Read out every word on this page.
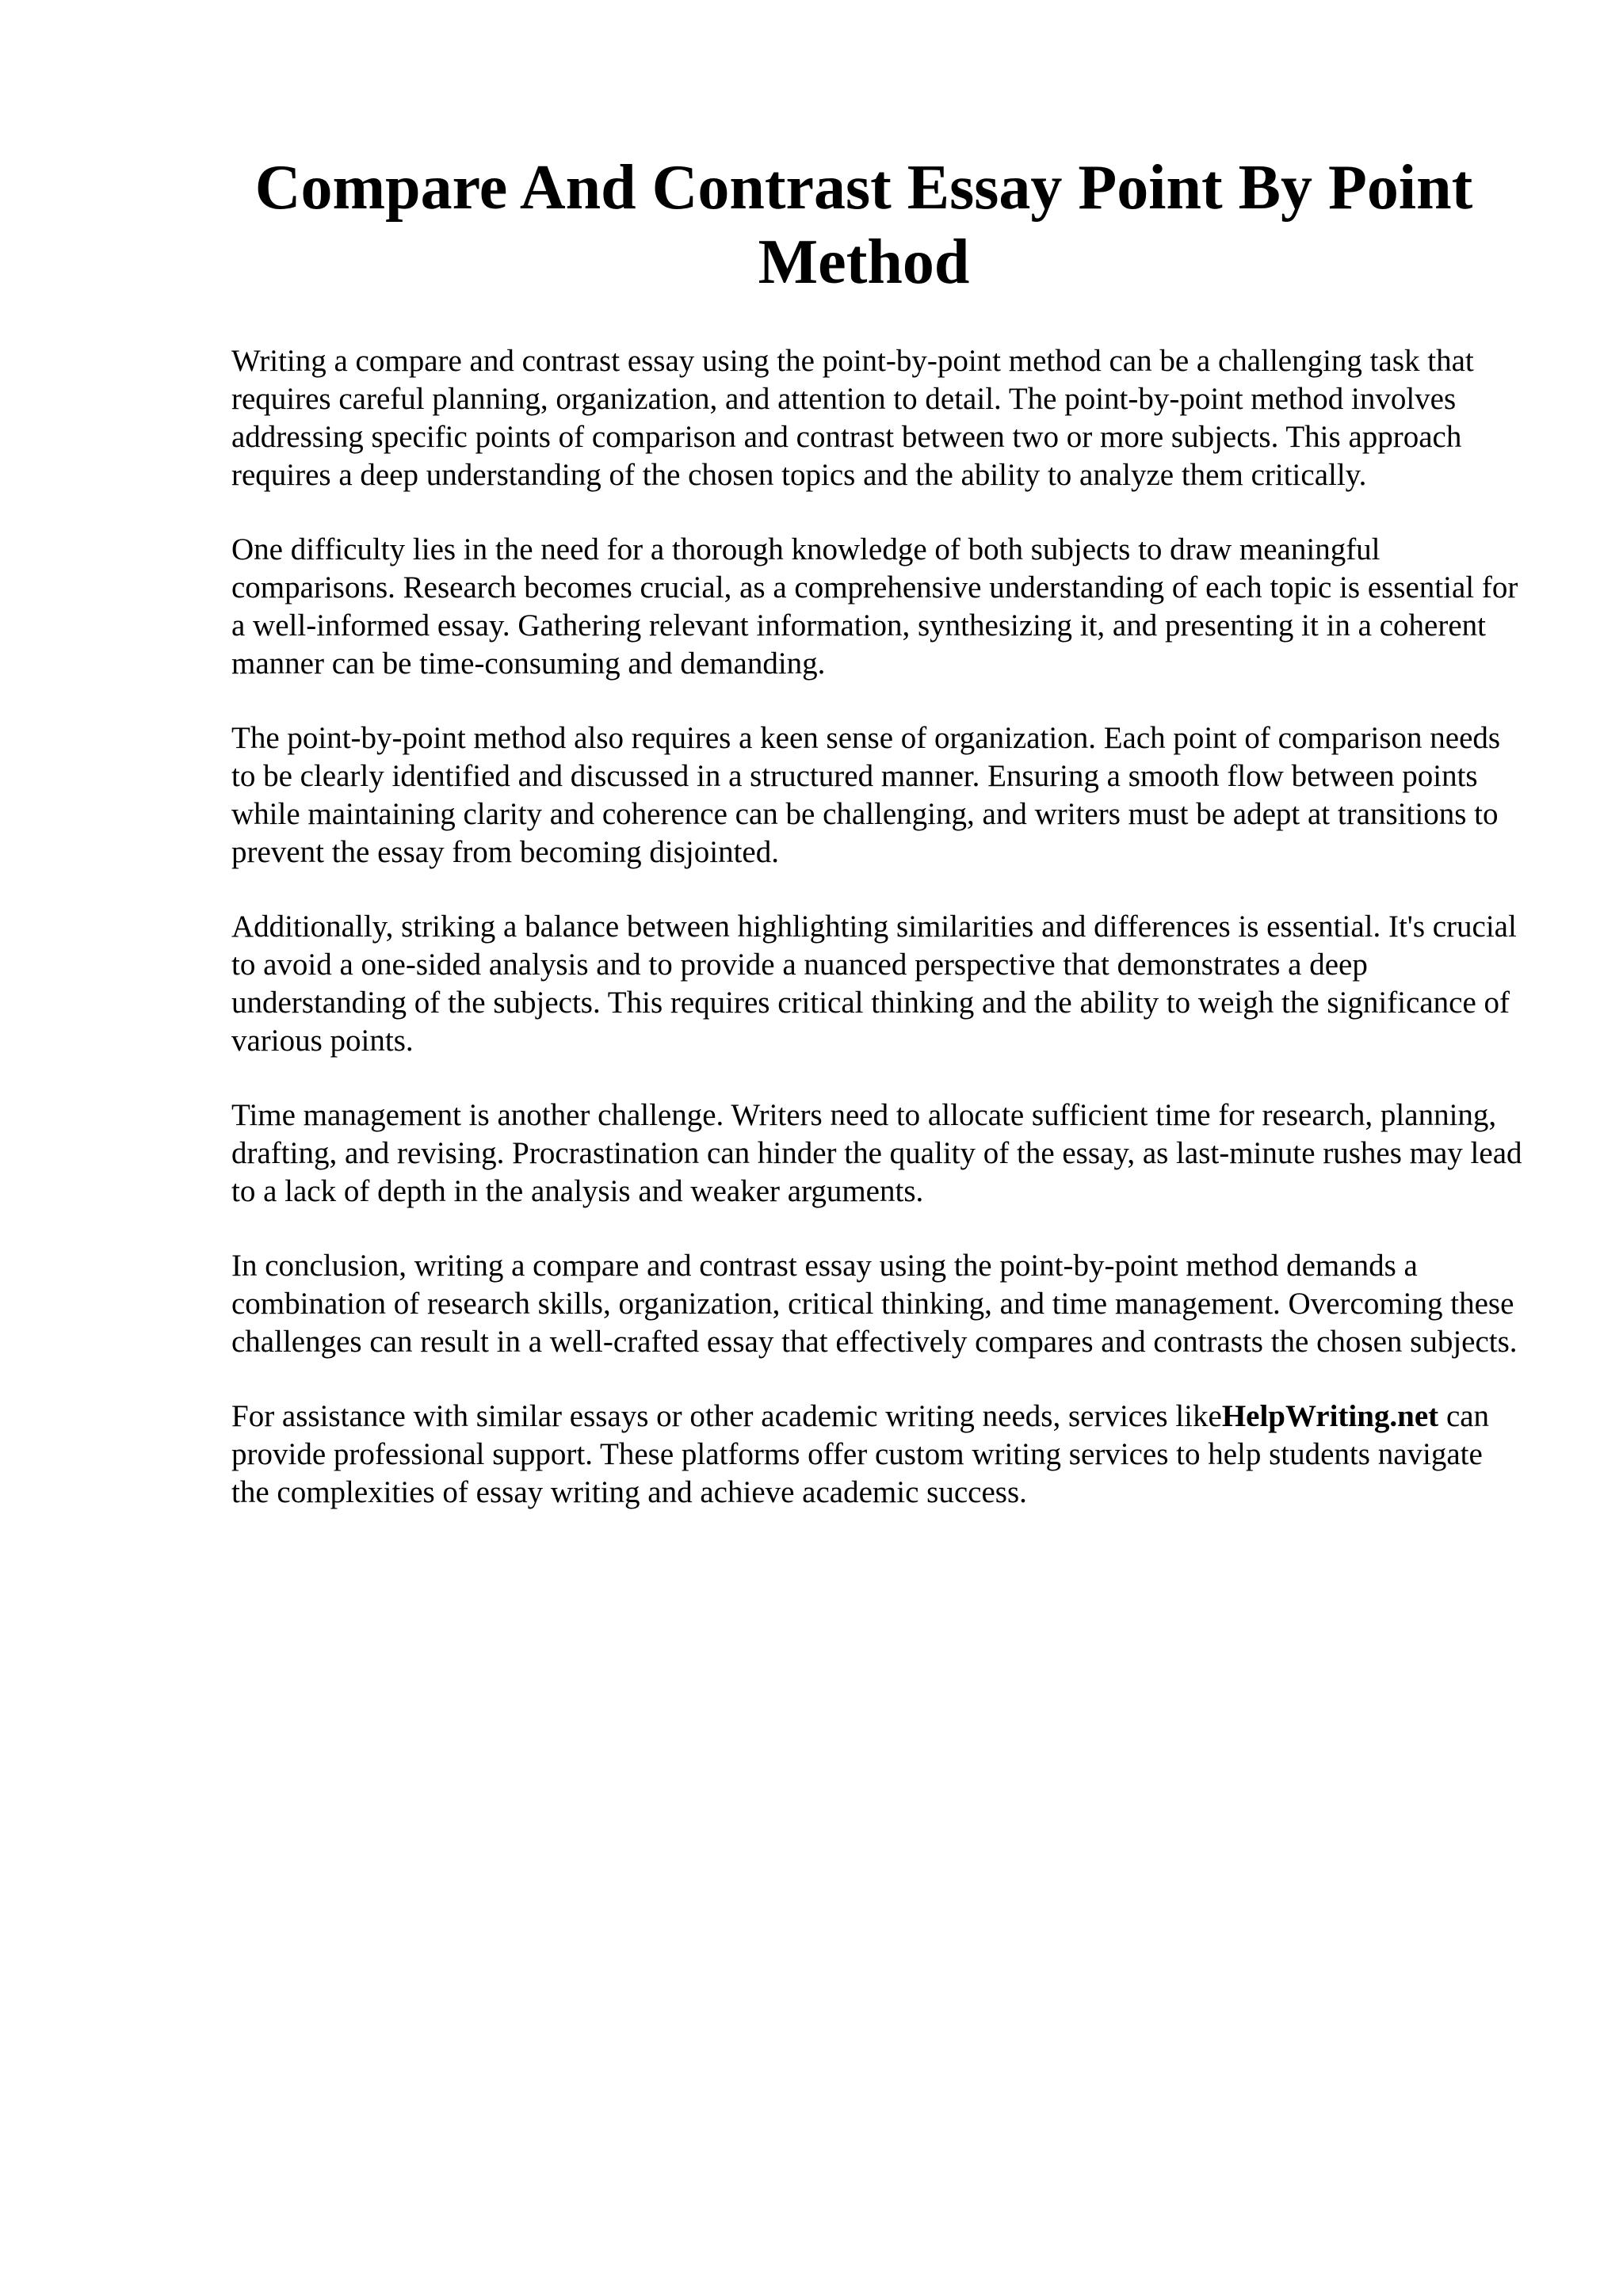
Compare And Contrast Essay Point By Point Method

Writing a compare and contrast essay using the point-by-point method can be a challenging task that requires careful planning, organization, and attention to detail. The point-by-point method involves addressing specific points of comparison and contrast between two or more subjects. This approach requires a deep understanding of the chosen topics and the ability to analyze them critically.

One difficulty lies in the need for a thorough knowledge of both subjects to draw meaningful comparisons. Research becomes crucial, as a comprehensive understanding of each topic is essential for a well-informed essay. Gathering relevant information, synthesizing it, and presenting it in a coherent manner can be time-consuming and demanding.

The point-by-point method also requires a keen sense of organization. Each point of comparison needs to be clearly identified and discussed in a structured manner. Ensuring a smooth flow between points while maintaining clarity and coherence can be challenging, and writers must be adept at transitions to prevent the essay from becoming disjointed.

Additionally, striking a balance between highlighting similarities and differences is essential. It's crucial to avoid a one-sided analysis and to provide a nuanced perspective that demonstrates a deep understanding of the subjects. This requires critical thinking and the ability to weigh the significance of various points.

Time management is another challenge. Writers need to allocate sufficient time for research, planning, drafting, and revising. Procrastination can hinder the quality of the essay, as last-minute rushes may lead to a lack of depth in the analysis and weaker arguments.

In conclusion, writing a compare and contrast essay using the point-by-point method demands a combination of research skills, organization, critical thinking, and time management. Overcoming these challenges can result in a well-crafted essay that effectively compares and contrasts the chosen subjects.

For assistance with similar essays or other academic writing needs, services likeHelpWriting.net can provide professional support. These platforms offer custom writing services to help students navigate the complexities of essay writing and achieve academic success.
